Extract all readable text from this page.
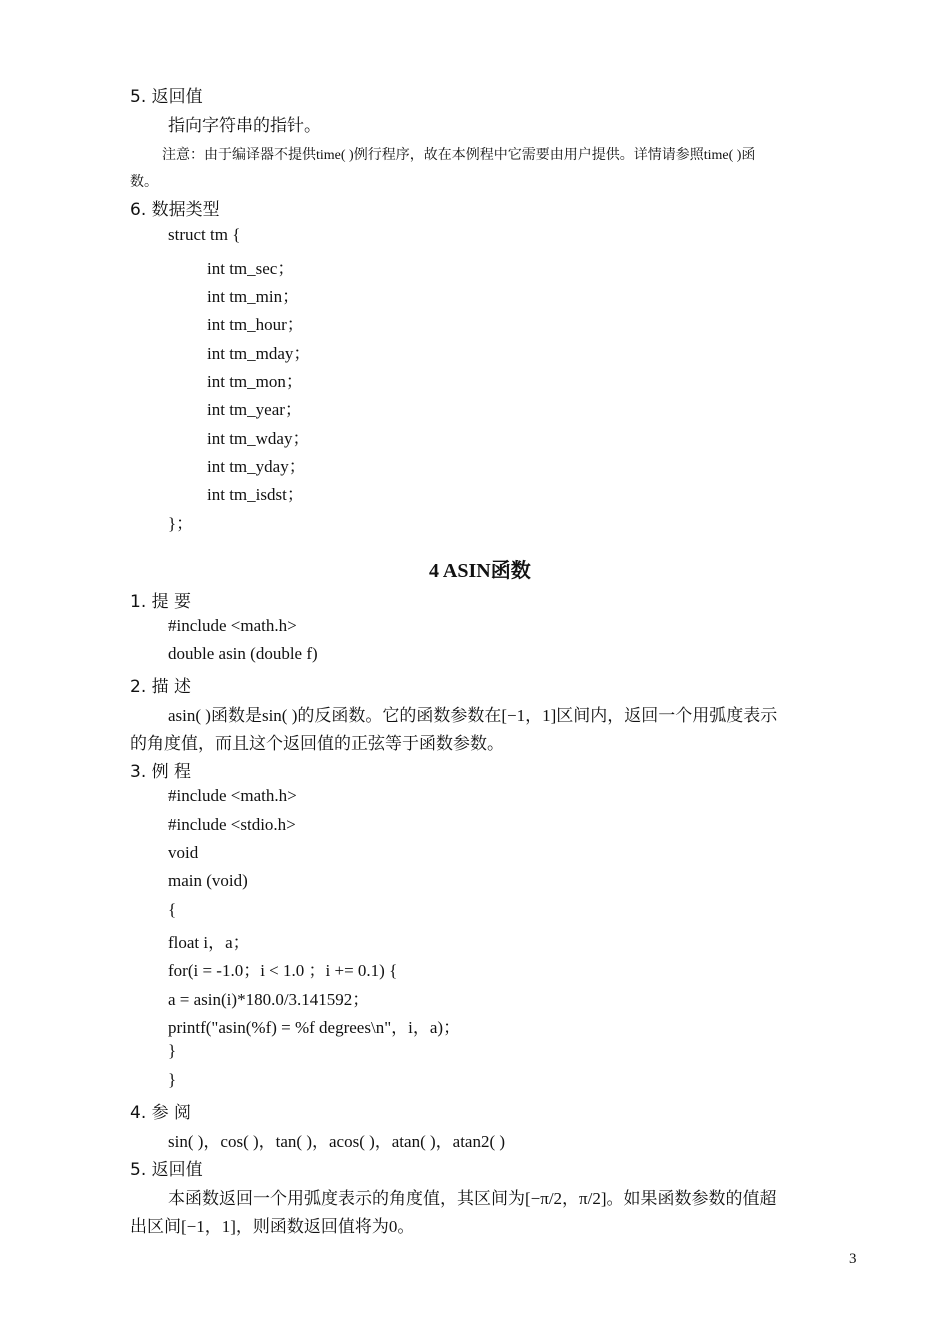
5. 返回值
指向字符串的指针。
注意：由于编译器不提供time( )例行程序，故在本例程中它需要由用户提供。详情请参照time( )函
数。
6. 数据类型
struct tm {
int tm_sec；
int tm_min；
int tm_hour；
int tm_mday；
int tm_mon；
int tm_year；
int tm_wday；
int tm_yday；
int tm_isdst；
}；
4 ASIN函数
1. 提 要
#include <math.h>
double asin (double f)
2. 描 述
asin( )函数是sin( )的反函数。它的函数参数在[−1，1]区间内，返回一个用弧度表示
的角度值，而且这个返回值的正弦等于函数参数。
3. 例 程
#include <math.h>
#include <stdio.h>
void
main (void)
{
float i，a；
for(i = -1.0；i < 1.0 ；i += 0.1) {
a = asin(i)*180.0/3.141592；
printf("asin(%f) = %f degrees\n"，i，a)；
}
}
4. 参 阅
sin( )，cos( )，tan( )，acos( )，atan( )，atan2( )
5. 返回值
本函数返回一个用弧度表示的角度值，其区间为[−π/2，π/2]。如果函数参数的值超
出区间[−1，1]，则函数返回值将为0。
3
